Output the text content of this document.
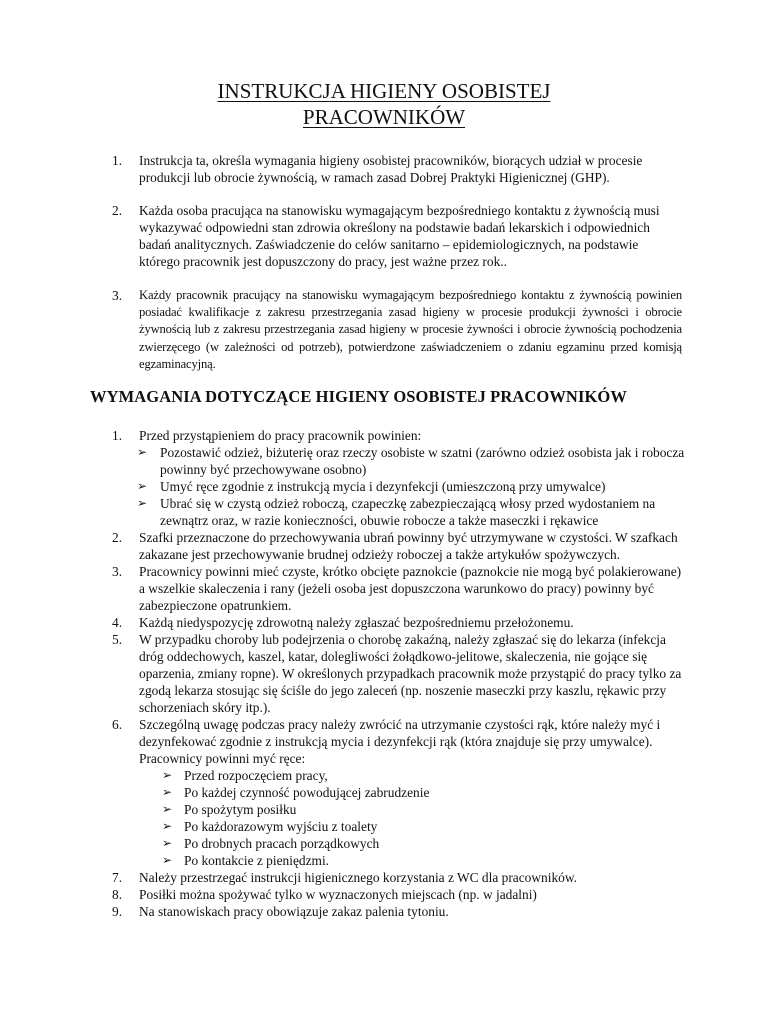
INSTRUKCJA HIGIENY OSOBISTEJ
PRACOWNIKÓW
1. Instrukcja ta, określa wymagania higieny osobistej pracowników, biorących udział w procesie produkcji lub obrocie żywnością, w ramach zasad Dobrej Praktyki Higienicznej (GHP).
2. Każda osoba pracująca na stanowisku wymagającym bezpośredniego kontaktu z żywnością musi wykazywać odpowiedni stan zdrowia określony na podstawie badań lekarskich i odpowiednich badań analitycznych. Zaświadczenie do celów sanitarno – epidemiologicznych, na podstawie którego pracownik jest dopuszczony do pracy, jest ważne przez rok..
3. Każdy pracownik pracujący na stanowisku wymagającym bezpośredniego kontaktu z żywnością powinien posiadać kwalifikacje z zakresu przestrzegania zasad higieny w procesie produkcji żywności i obrocie żywnością lub z zakresu przestrzegania zasad higieny w procesie żywności i obrocie żywnością pochodzenia zwierzęcego (w zależności od potrzeb), potwierdzone zaświadczeniem o zdaniu egzaminu przed komisją egzaminacyjną.
WYMAGANIA DOTYCZĄCE HIGIENY OSOBISTEJ PRACOWNIKÓW
1. Przed przystąpieniem do pracy pracownik powinien:
➢ Pozostawić odzież, biżuterię oraz rzeczy osobiste w szatni (zarówno odzież osobista jak i robocza powinny być przechowywane osobno)
➢ Umyć ręce zgodnie z instrukcją mycia i dezynfekcji (umieszczoną przy umywalce)
➢ Ubrać się w czystą odzież roboczą, czapeczkę zabezpieczającą włosy przed wydostaniem na zewnątrz oraz, w razie konieczności, obuwie robocze a także maseczki i rękawice
2. Szafki przeznaczone do przechowywania ubrań powinny być utrzymywane w czystości. W szafkach zakazane jest przechowywanie brudnej odzieży roboczej a także artykułów spożywczych.
3. Pracownicy powinni mieć czyste, krótko obcięte paznokcie (paznokcie nie mogą być polakierowane) a wszelkie skaleczenia i rany (jeżeli osoba jest dopuszczona warunkowo do pracy) powinny być zabezpieczone opatrunkiem.
4. Każdą niedyspozycję zdrowotną należy zgłaszać bezpośredniemu przełożonemu.
5. W przypadku choroby lub podejrzenia o chorobę zakaźną, należy zgłaszać się do lekarza (infekcja dróg oddechowych, kaszel, katar, dolegliwości żołądkowo-jelitowe, skaleczenia, nie gojące się oparzenia, zmiany ropne). W określonych przypadkach pracownik może przystąpić do pracy tylko za zgodą lekarza stosując się ściśle do jego zaleceń (np. noszenie maseczki przy kaszlu, rękawic przy schorzeniach skóry itp.).
6. Szczególną uwagę podczas pracy należy zwrócić na utrzymanie czystości rąk, które należy myć i dezynfekować zgodnie z instrukcją mycia i dezynfekcji rąk (która znajduje się przy umywalce). Pracownicy powinni myć ręce:
➢ Przed rozpoczęciem pracy,
➢ Po każdej czynność powodującej zabrudzenie
➢ Po spożytym posiłku
➢ Po każdorazowym wyjściu z toalety
➢ Po drobnych pracach porządkowych
➢ Po kontakcie z pieniędzmi.
7. Należy przestrzegać instrukcji higienicznego korzystania z WC dla pracowników.
8. Posiłki można spożywać tylko w wyznaczonych miejscach (np. w jadalni)
9. Na stanowiskach pracy obowiązuje zakaz palenia tytoniu.
